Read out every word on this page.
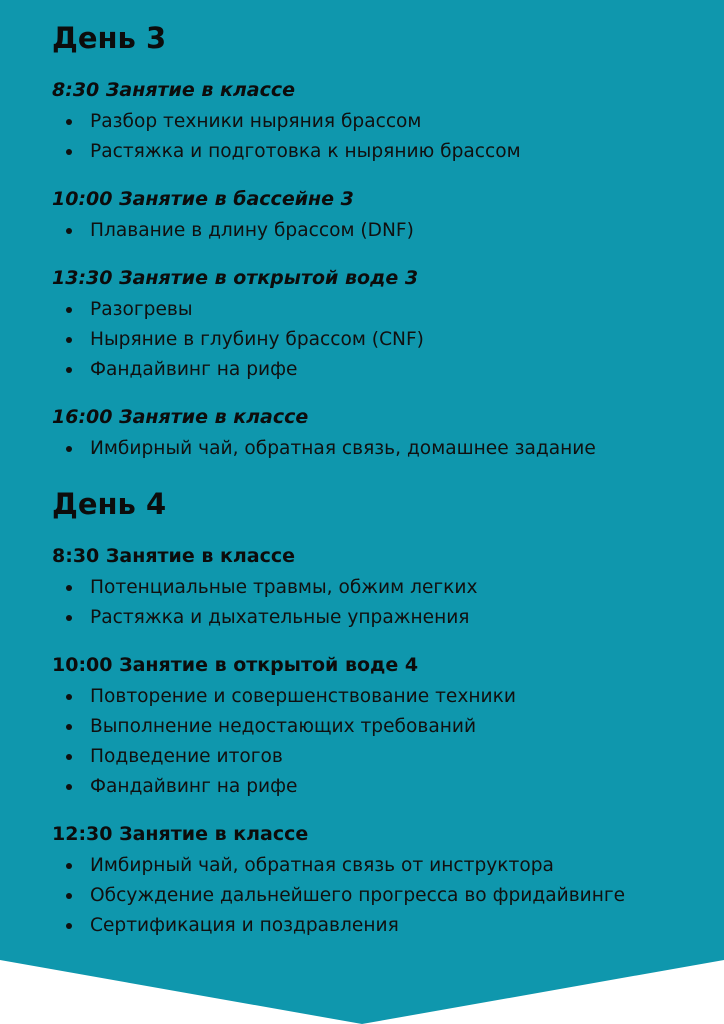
День 3
8:30 Занятие в классе
Разбор техники ныряния брассом
Растяжка и подготовка к нырянию брассом
10:00 Занятие в бассейне 3
Плавание в длину брассом (DNF)
13:30 Занятие в открытой воде 3
Разогревы
Ныряние в глубину брассом (CNF)
Фандайвинг на рифе
16:00 Занятие в классе
Имбирный чай, обратная связь, домашнее задание
День 4
8:30 Занятие в классе
Потенциальные травмы, обжим легких
Растяжка и дыхательные упражнения
10:00 Занятие в открытой воде 4
Повторение и совершенствование техники
Выполнение недостающих требований
Подведение итогов
Фандайвинг на рифе
12:30 Занятие в классе
Имбирный чай, обратная связь от инструктора
Обсуждение дальнейшего прогресса во фридайвинге
Сертификация и поздравления
